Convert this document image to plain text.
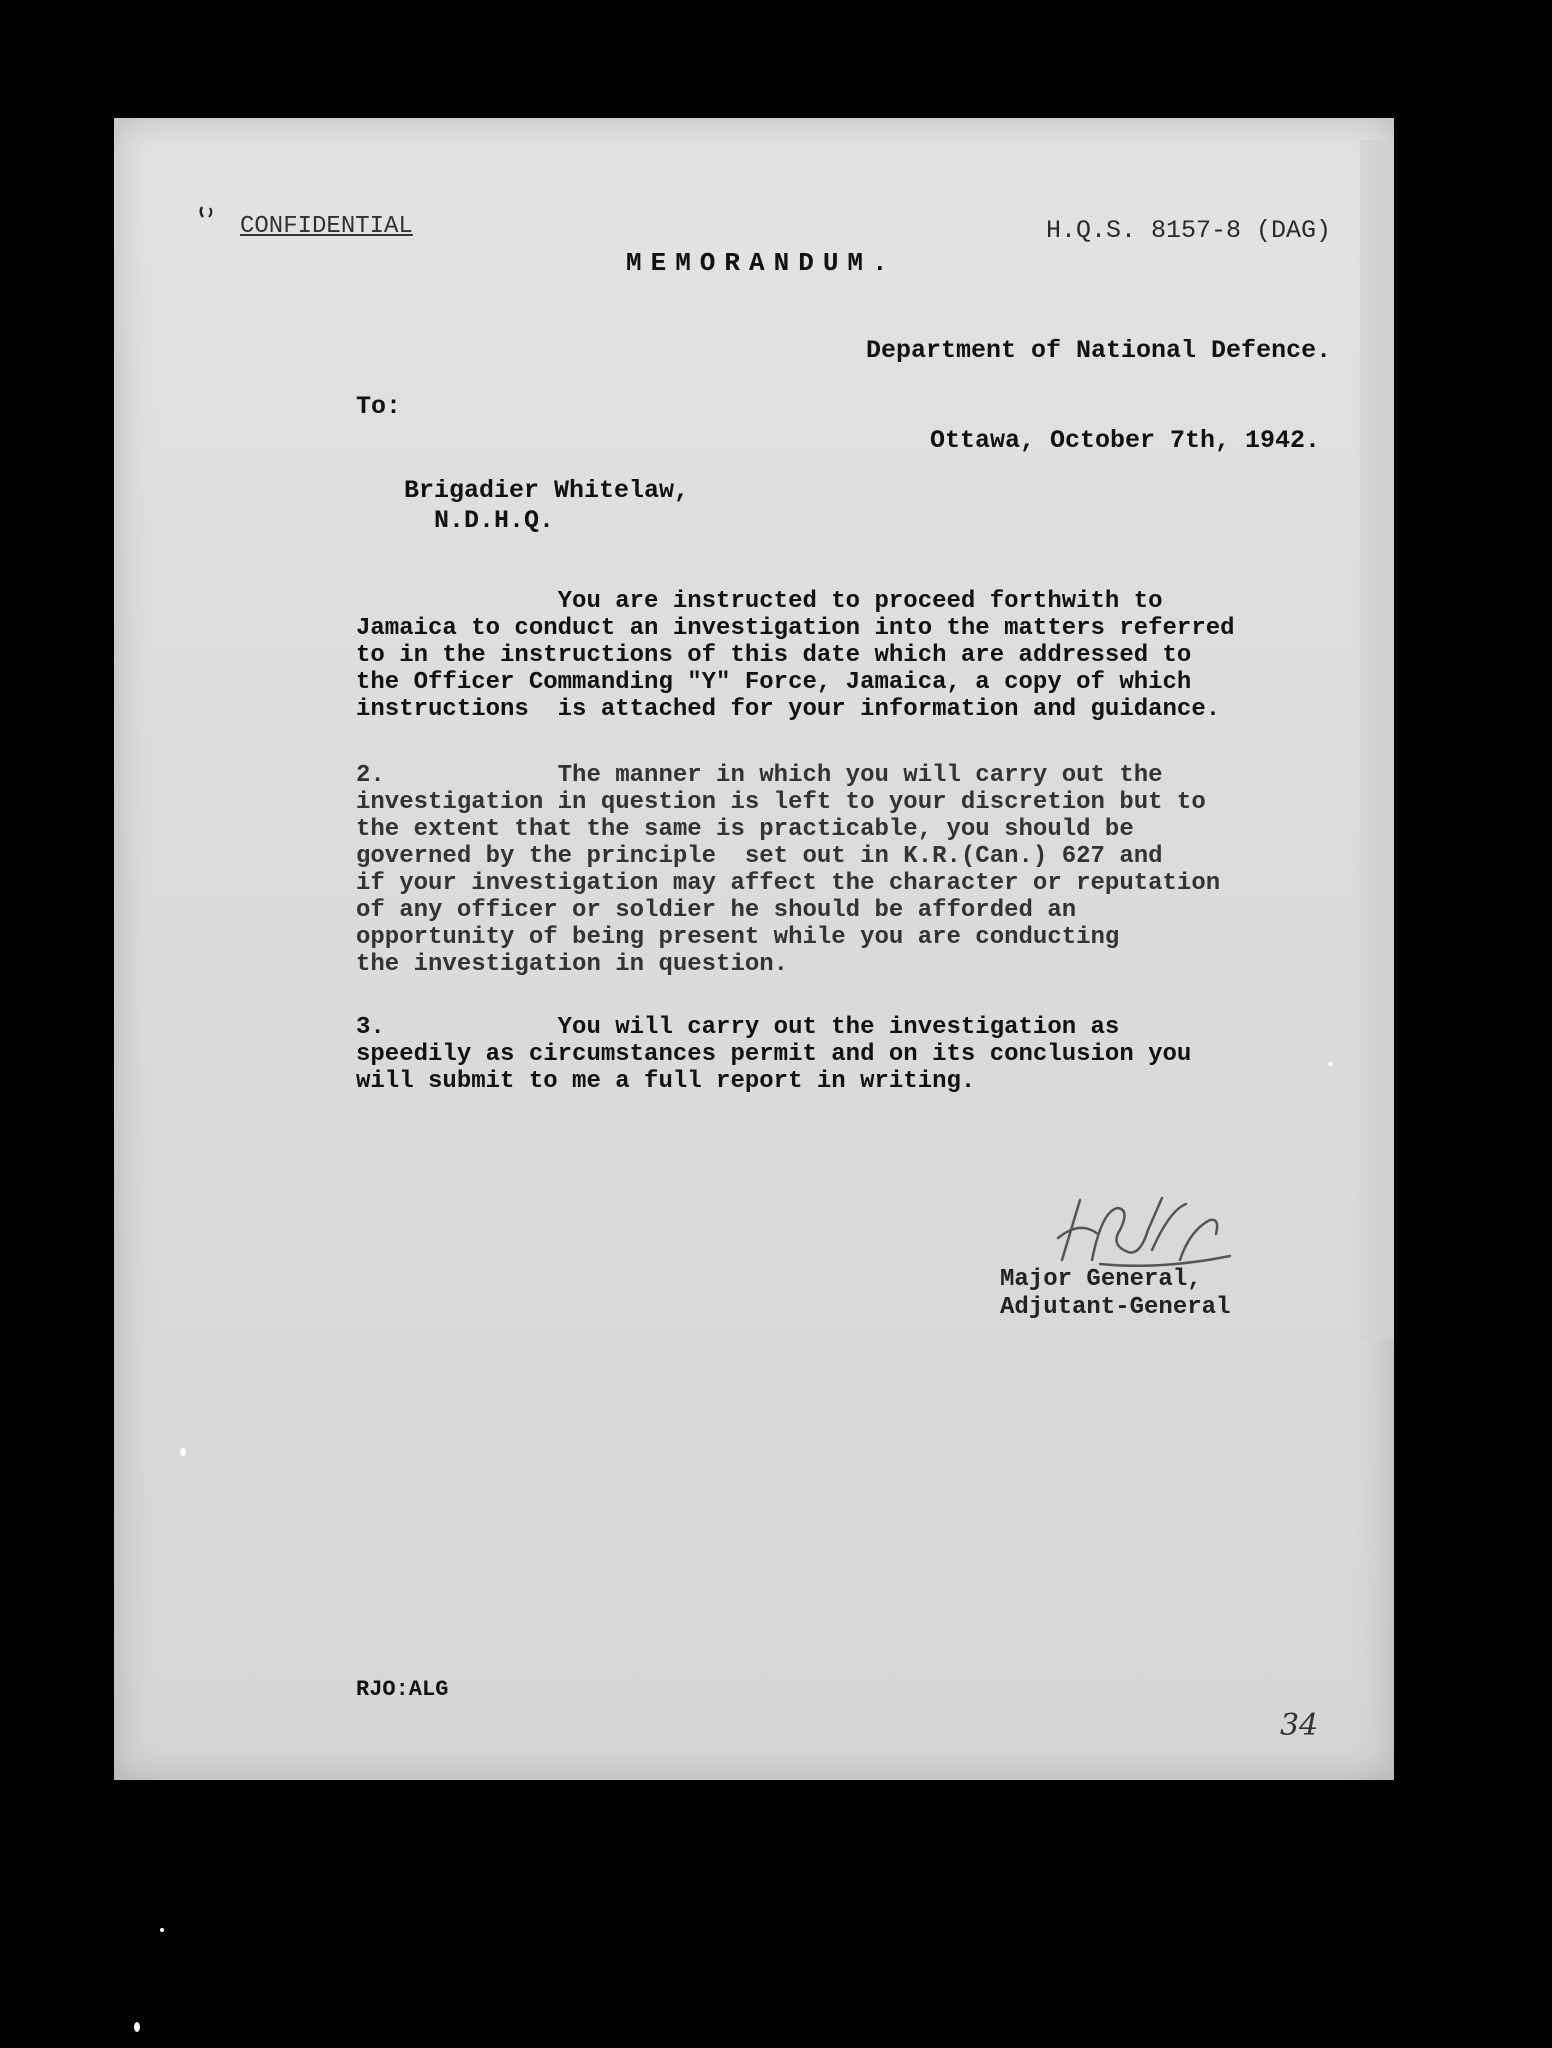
CONFIDENTIAL	H.Q.S. 8157-8 (DAG)
MEMORANDUM.
Department of National Defence.
To:
Ottawa, October 7th, 1942.
Brigadier Whitelaw,
N.D.H.Q.
You are instructed to proceed forthwith to
Jamaica to conduct an investigation into the matters referred
to in the instructions of this date which are addressed to
the Officer Commanding "Y" Force, Jamaica, a copy of which
instructions  is attached for your information and guidance.
2.            The manner in which you will carry out the
investigation in question is left to your discretion but to
the extent that the same is practicable, you should be
governed by the principle  set out in K.R.(Can.) 627 and
if your investigation may affect the character or reputation
of any officer or soldier he should be afforded an
opportunity of being present while you are conducting
the investigation in question.
3.            You will carry out the investigation as
speedily as circumstances permit and on its conclusion you
will submit to me a full report in writing.
Major General,
Adjutant-General
RJO:ALG
34
